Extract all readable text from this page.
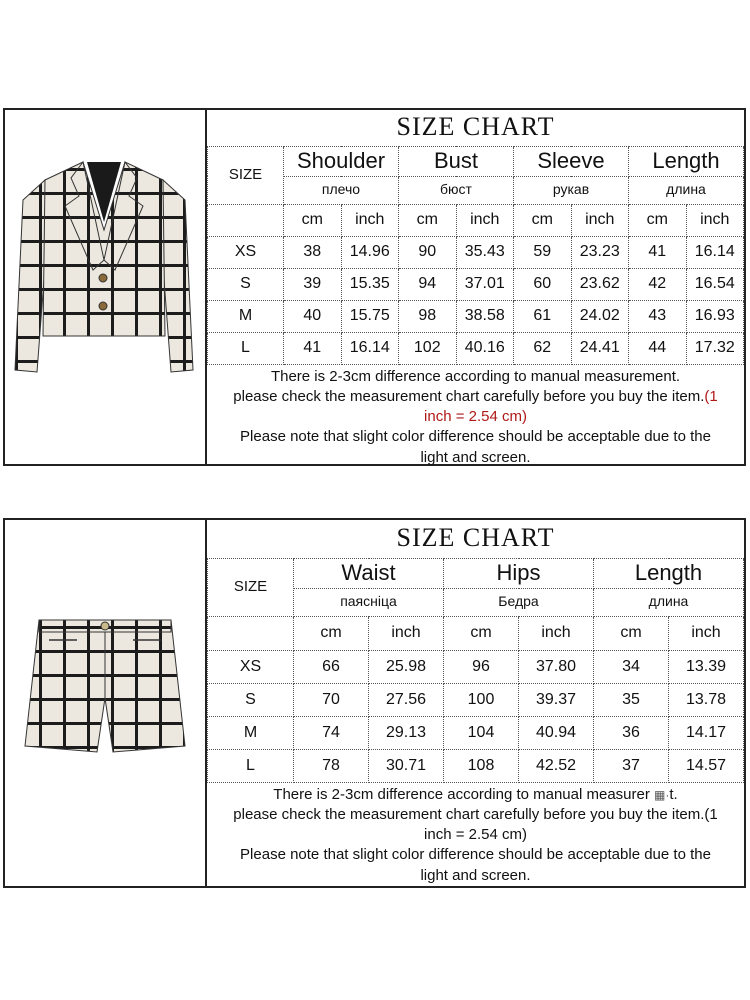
SIZE CHART								
SIZE	Shoulder		Bust		Sleeve		Length	
	плечо		бюст		рукав		длина	
	cm	inch	cm	inch	cm	inch	cm	inch
XS	38	14.96	90	35.43	59	23.23	41	16.14
S	39	15.35	94	37.01	60	23.62	42	16.54
M	40	15.75	98	38.58	61	24.02	43	16.93
L	41	16.14	102	40.16	62	24.41	44	17.32

There is 2-3cm difference according to manual measurement.
please check the measurement chart carefully before you buy the item.(1
inch = 2.54 cm)
Please note that slight color difference should be acceptable due to the
light and screen.								
SIZE CHART						
SIZE	Waist		Hips		Length	
	паясніца		Бедра		длина	
	cm	inch	cm	inch	cm	inch
XS	66	25.98	96	37.80	34	13.39
S	70	27.56	100	39.37	35	13.78
M	74	29.13	104	40.94	36	14.17
L	78	30.71	108	42.52	37	14.57

There is 2-3cm difference according to manual measurer ▦·t.
please check the measurement chart carefully before you buy the item.(1
inch = 2.54 cm)
Please note that slight color difference should be acceptable due to the
light and screen.						
